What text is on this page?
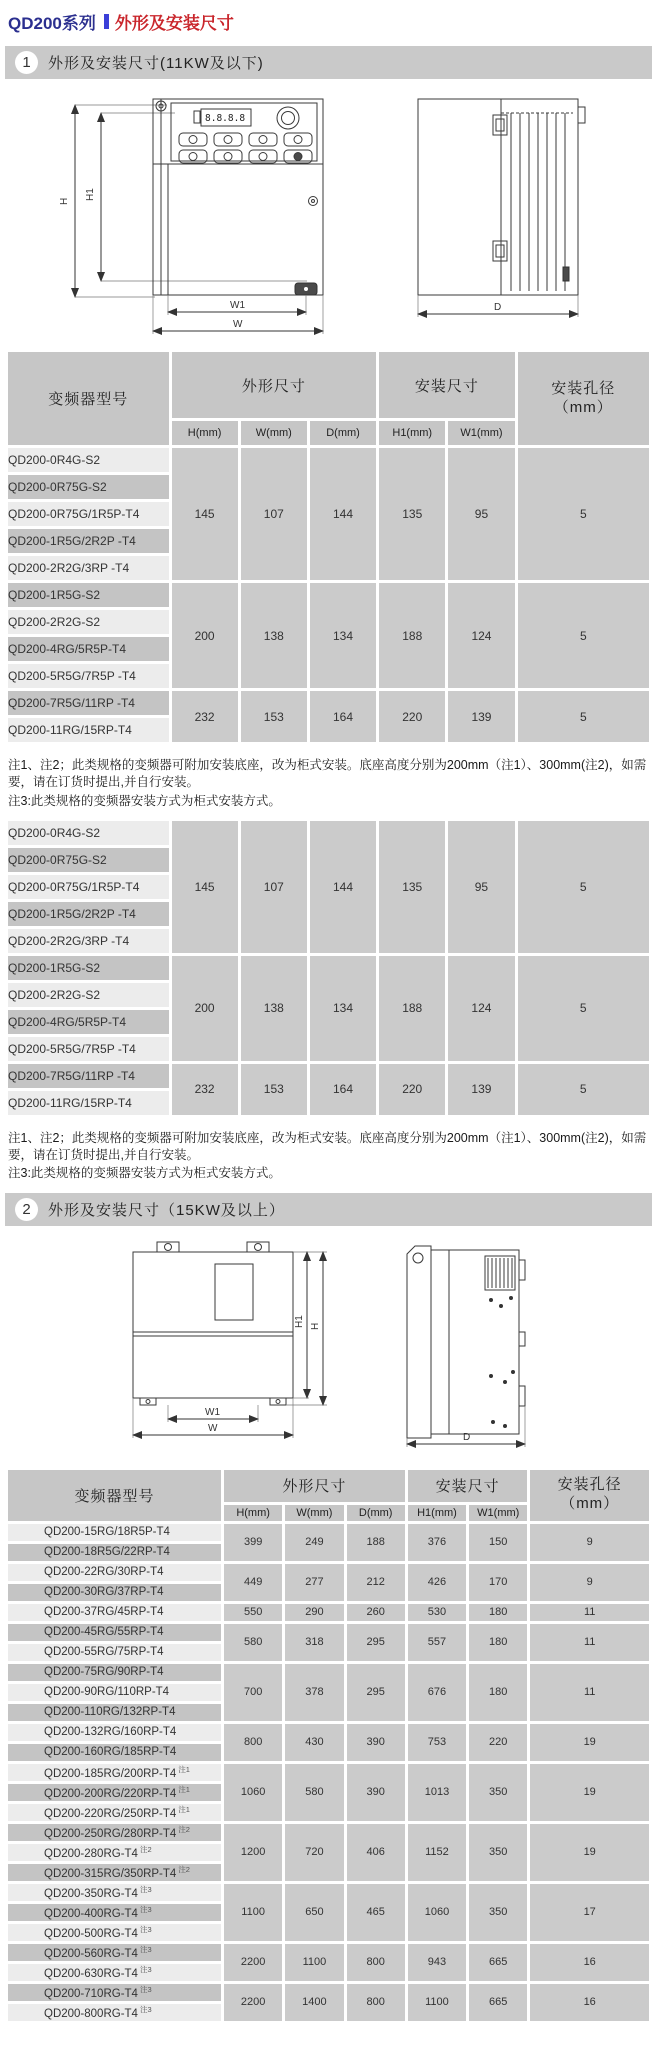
QD200系列 外形及安装尺寸
1	外形及安装尺寸(11KW及以下)
H
H1
8.8.8.8
W1
W
D
变频器型号	外形尺寸			安装尺寸		安装孔径
（mm）

	H(mm)	W(mm)	D(mm)	H1(mm)	W1(mm)	
QD200-0R4G-S2	145	107	144	135	95	5
QD200-0R75G-S2						
QD200-0R75G/1R5P-T4						
QD200-1R5G/2R2P -T4						
QD200-2R2G/3RP -T4						
QD200-1R5G-S2	200	138	134	188	124	5
QD200-2R2G-S2						
QD200-4RG/5R5P-T4						
QD200-5R5G/7R5P -T4						
QD200-7R5G/11RP -T4	232	153	164	220	139	5
QD200-11RG/15RP-T4						

注1、注2；此类规格的变频器可附加安装底座，改为柜式安装。底座高度分别为200mm（注1）、300mm(注2)，如需要，请在订货时提出,并自行安装。

注3:此类规格的变频器安装方式为柜式安装方式。

QD200-0R4G-S2	145	107	144	135	95	5
QD200-0R75G-S2						
QD200-0R75G/1R5P-T4						
QD200-1R5G/2R2P -T4						
QD200-2R2G/3RP -T4						
QD200-1R5G-S2	200	138	134	188	124	5
QD200-2R2G-S2						
QD200-4RG/5R5P-T4						
QD200-5R5G/7R5P -T4						
QD200-7R5G/11RP -T4	232	153	164	220	139	5
QD200-11RG/15RP-T4						

注1、注2；此类规格的变频器可附加安装底座，改为柜式安装。底座高度分别为200mm（注1）、300mm(注2)，如需要，请在订货时提出,并自行安装。

注3:此类规格的变频器安装方式为柜式安装方式。

2	外形及安装尺寸（15KW及以上）
H1 H
W1
W
D
变频器型号	外形尺寸			安装尺寸		安装孔径
（mm）

	H(mm)	W(mm)	D(mm)	H1(mm)	W1(mm)	
QD200-15RG/18R5P-T4	399	249	188	376	150	9
QD200-18R5G/22RP-T4						
QD200-22RG/30RP-T4	449	277	212	426	170	9
QD200-30RG/37RP-T4						
QD200-37RG/45RP-T4	550	290	260	530	180	11
QD200-45RG/55RP-T4	580	318	295	557	180	11
QD200-55RG/75RP-T4						
QD200-75RG/90RP-T4	700	378	295	676	180	11
QD200-90RG/110RP-T4						
QD200-110RG/132RP-T4						
QD200-132RG/160RP-T4	800	430	390	753	220	19
QD200-160RG/185RP-T4						
QD200-185RG/200RP-T4 $^{注1}$	1060	580	390	1013	350	19
QD200-200RG/220RP-T4 $^{注1}$
QD200-220RG/250RP-T4 $^{注1}$
QD200-250RG/280RP-T4 $^{注2}$	1200	720	406	1152	350	19
QD200-280RG-T4 $^{注2}$
QD200-315RG/350RP-T4 $^{注2}$
QD200-350RG-T4 $^{注3}$	1100	650	465	1060	350	17
QD200-400RG-T4 $^{注3}$
QD200-500RG-T4 $^{注3}$
QD200-560RG-T4 $^{注3}$	2200	1100	800	943	665	16
QD200-630RG-T4 $^{注3}$
QD200-710RG-T4 $^{注3}$	2200	1400	800	1100	665	16
QD200-800RG-T4 $^{注3}$
